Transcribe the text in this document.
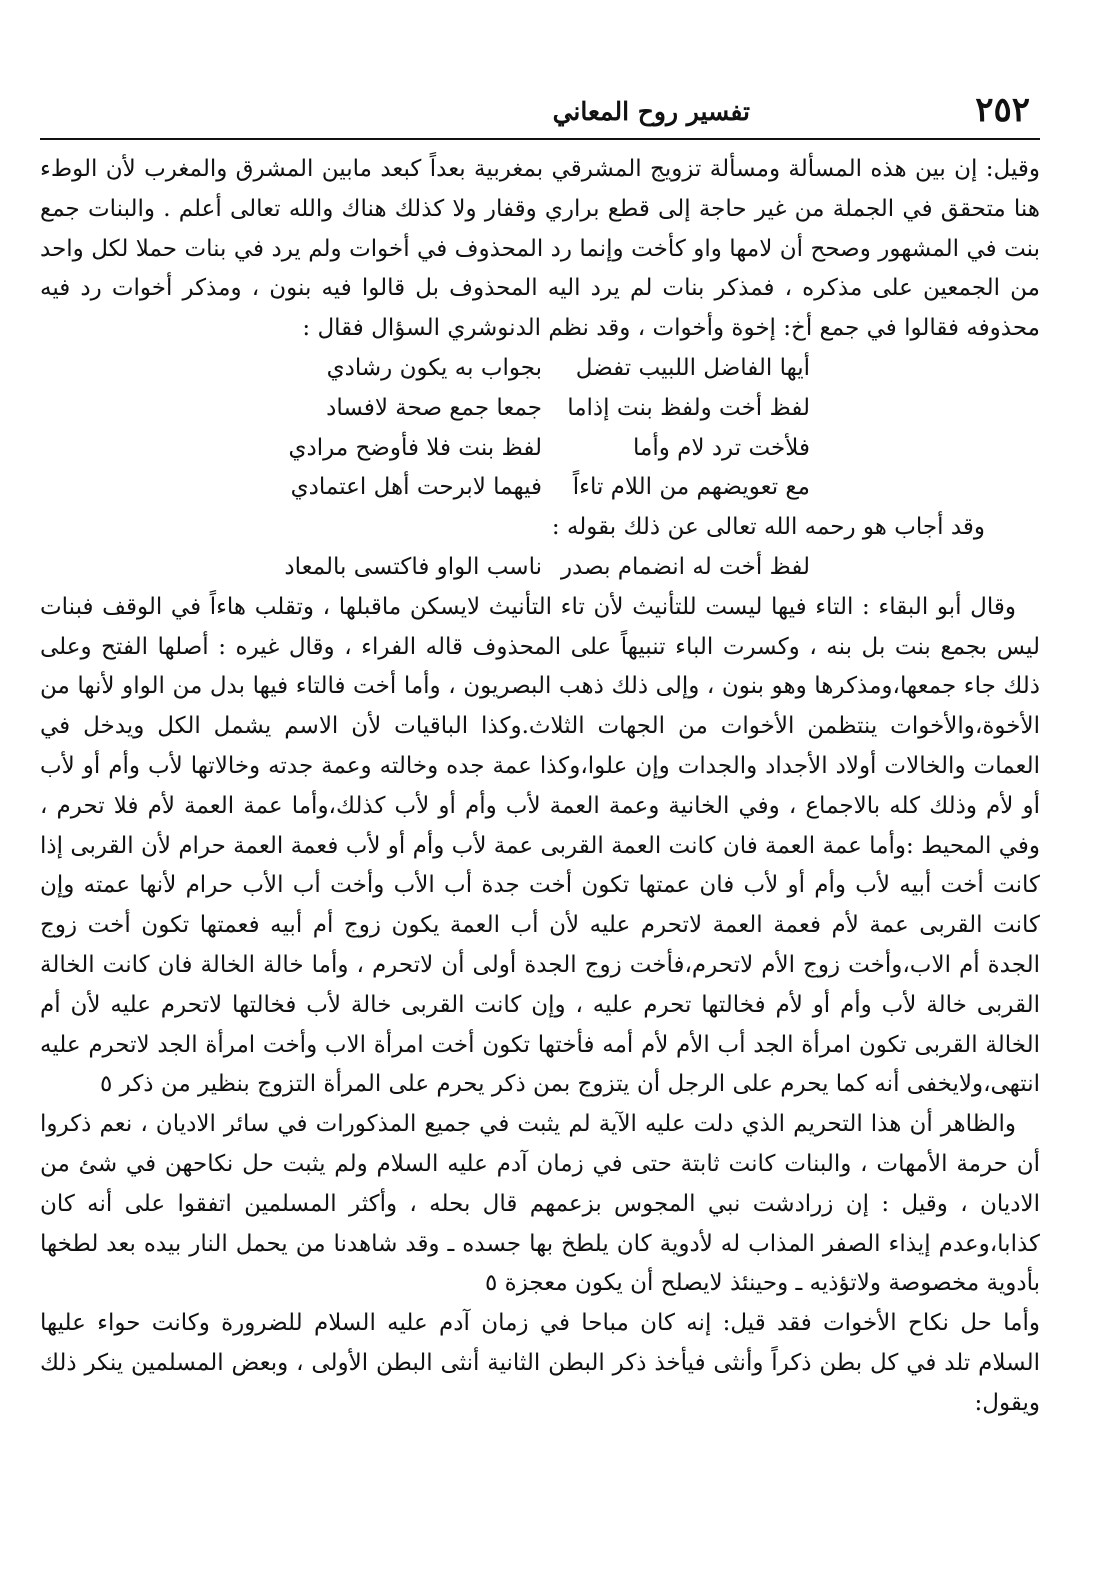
٢٥٢
تفسير روح المعاني

وقيل: إن بين هذه المسألة ومسألة تزويج المشرقي بمغربية بعداً كبعد مابين المشرق والمغرب لأن الوطء هنا متحقق في الجملة من غير حاجة إلى قطع براري وقفار ولا كذلك هناك والله تعالى أعلم . والبنات جمع بنت في المشهور وصحح أن لامها واو كأخت وإنما رد المحذوف في أخوات ولم يرد في بنات حملا لكل واحد من الجمعين على مذكره ، فمذكر بنات لم يرد اليه المحذوف بل قالوا فيه بنون ، ومذكر أخوات رد فيه محذوفه فقالوا في جمع أخ: إخوة وأخوات ، وقد نظم الدنوشري السؤال فقال :

أيها الفاضل اللبيب تفضل
بجواب به يكون رشادي
لفظ أخت ولفظ بنت إذاما
جمعا جمع صحة لافساد
فلأخت ترد لام وأما
لفظ بنت فلا فأوضح مرادي
مع تعويضهم من اللام تاءاً
فيهما لابرحت أهل اعتمادي

وقد أجاب هو رحمه الله تعالى عن ذلك بقوله :

لفظ أخت له انضمام بصدر
ناسب الواو فاكتسى بالمعاد

وقال أبو البقاء : التاء فيها ليست للتأنيث لأن تاء التأنيث لايسكن ماقبلها ، وتقلب هاءاً في الوقف فبنات ليس بجمع بنت بل بنه ، وكسرت الباء تنبيهاً على المحذوف قاله الفراء ، وقال غيره : أصلها الفتح وعلى ذلك جاء جمعها،ومذكرها وهو بنون ، وإلى ذلك ذهب البصريون ، وأما أخت فالتاء فيها بدل من الواو لأنها من الأخوة،والأخوات ينتظمن الأخوات من الجهات الثلاث.وكذا الباقيات لأن الاسم يشمل الكل ويدخل في العمات والخالات أولاد الأجداد والجدات وإن علوا،وكذا عمة جده وخالته وعمة جدته وخالاتها لأب وأم أو لأب أو لأم وذلك كله بالاجماع ، وفي الخانية وعمة العمة لأب وأم أو لأب كذلك،وأما عمة العمة لأم فلا تحرم ، وفي المحيط :وأما عمة العمة فان كانت العمة القربى عمة لأب وأم أو لأب فعمة العمة حرام لأن القربى إذا كانت أخت أبيه لأب وأم أو لأب فان عمتها تكون أخت جدة أب الأب وأخت أب الأب حرام لأنها عمته وإن كانت القربى عمة لأم فعمة العمة لاتحرم عليه لأن أب العمة يكون زوج أم أبيه فعمتها تكون أخت زوج الجدة أم الاب،وأخت زوج الأم لاتحرم،فأخت زوج الجدة أولى أن لاتحرم ، وأما خالة الخالة فان كانت الخالة القربى خالة لأب وأم أو لأم فخالتها تحرم عليه ، وإن كانت القربى خالة لأب فخالتها لاتحرم عليه لأن أم الخالة القربى تكون امرأة الجد أب الأم لأم أمه فأختها تكون أخت امرأة الاب وأخت امرأة الجد لاتحرم عليه انتهى،ولايخفى أنه كما يحرم على الرجل أن يتزوج بمن ذكر يحرم على المرأة التزوج بنظير من ذكر ٥

والظاهر أن هذا التحريم الذي دلت عليه الآية لم يثبت في جميع المذكورات في سائر الاديان ، نعم ذكروا أن حرمة الأمهات ، والبنات كانت ثابتة حتى في زمان آدم عليه السلام ولم يثبت حل نكاحهن في شئ من الاديان ، وقيل : إن زرادشت نبي المجوس بزعمهم قال بحله ، وأكثر المسلمين اتفقوا على أنه كان كذابا،وعدم إيذاء الصفر المذاب له لأدوية كان يلطخ بها جسده ـ وقد شاهدنا من يحمل النار بيده بعد لطخها بأدوية مخصوصة ولاتؤذيه ـ وحينئذ لايصلح أن يكون معجزة ٥

وأما حل نكاح الأخوات فقد قيل: إنه كان مباحا في زمان آدم عليه السلام للضرورة وكانت حواء عليها السلام تلد في كل بطن ذكراً وأنثى فيأخذ ذكر البطن الثانية أنثى البطن الأولى ، وبعض المسلمين ينكر ذلك ويقول:
